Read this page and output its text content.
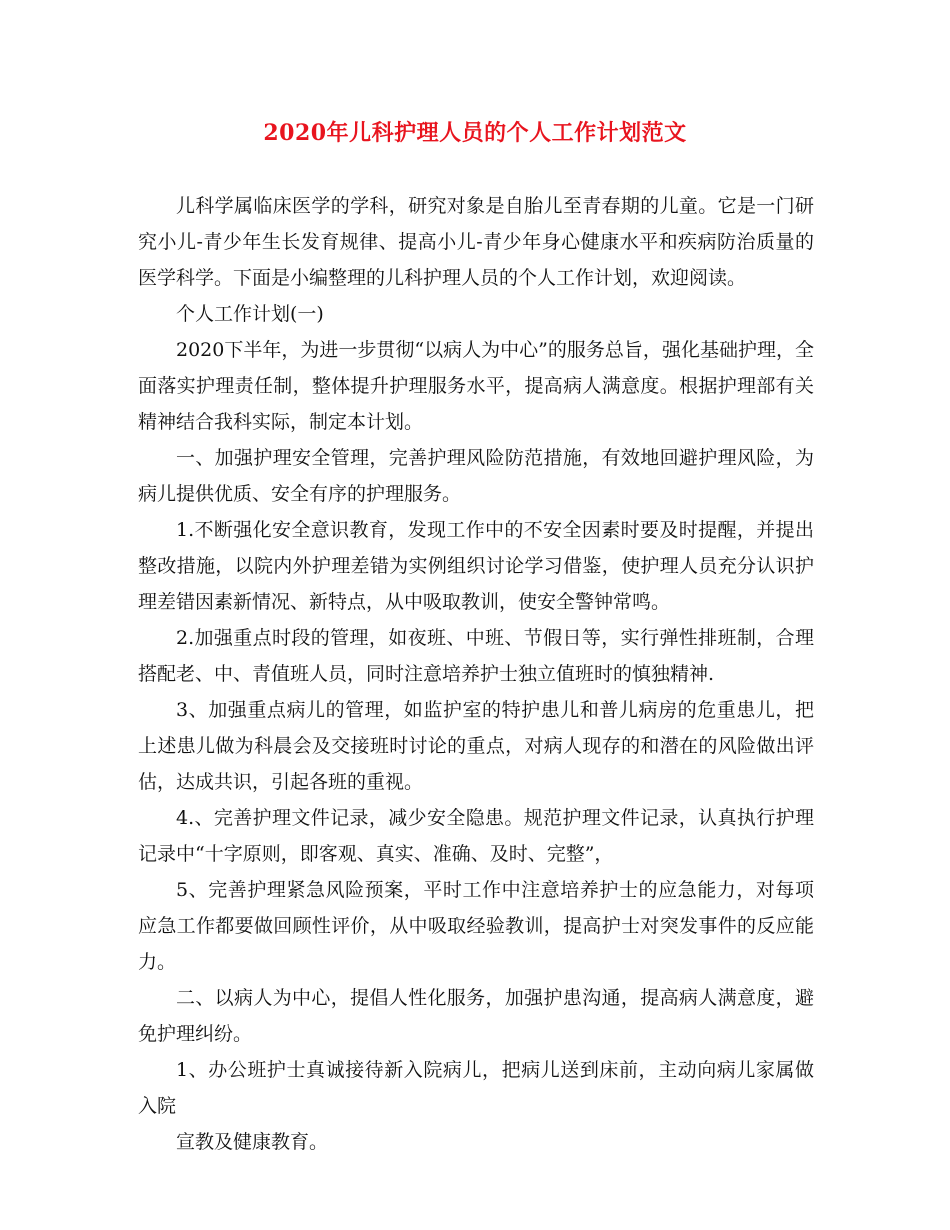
2020年儿科护理人员的个人工作计划范文

儿科学属临床医学的学科，研究对象是自胎儿至青春期的儿童。它是一门研究小儿-青少年生长发育规律、提高小儿-青少年身心健康水平和疾病防治质量的医学科学。下面是小编整理的儿科护理人员的个人工作计划，欢迎阅读。

个人工作计划(一)

2020下半年，为进一步贯彻“以病人为中心”的服务总旨，强化基础护理，全面落实护理责任制，整体提升护理服务水平，提高病人满意度。根据护理部有关精神结合我科实际，制定本计划。

一、加强护理安全管理，完善护理风险防范措施，有效地回避护理风险，为病儿提供优质、安全有序的护理服务。

1.不断强化安全意识教育，发现工作中的不安全因素时要及时提醒，并提出整改措施，以院内外护理差错为实例组织讨论学习借鉴，使护理人员充分认识护理差错因素新情况、新特点，从中吸取教训，使安全警钟常鸣。

2.加强重点时段的管理，如夜班、中班、节假日等，实行弹性排班制，合理搭配老、中、青值班人员，同时注意培养护士独立值班时的慎独精神.

3、加强重点病儿的管理，如监护室的特护患儿和普儿病房的危重患儿，把上述患儿做为科晨会及交接班时讨论的重点，对病人现存的和潜在的风险做出评估，达成共识，引起各班的重视。

4.、完善护理文件记录，减少安全隐患。规范护理文件记录，认真执行护理记录中“十字原则，即客观、真实、准确、及时、完整”，

5、完善护理紧急风险预案，平时工作中注意培养护士的应急能力，对每项应急工作都要做回顾性评价，从中吸取经验教训，提高护士对突发事件的反应能力。

二、以病人为中心，提倡人性化服务，加强护患沟通，提高病人满意度，避免护理纠纷。

1、办公班护士真诚接待新入院病儿，把病儿送到床前，主动向病儿家属做入院

宣教及健康教育。
